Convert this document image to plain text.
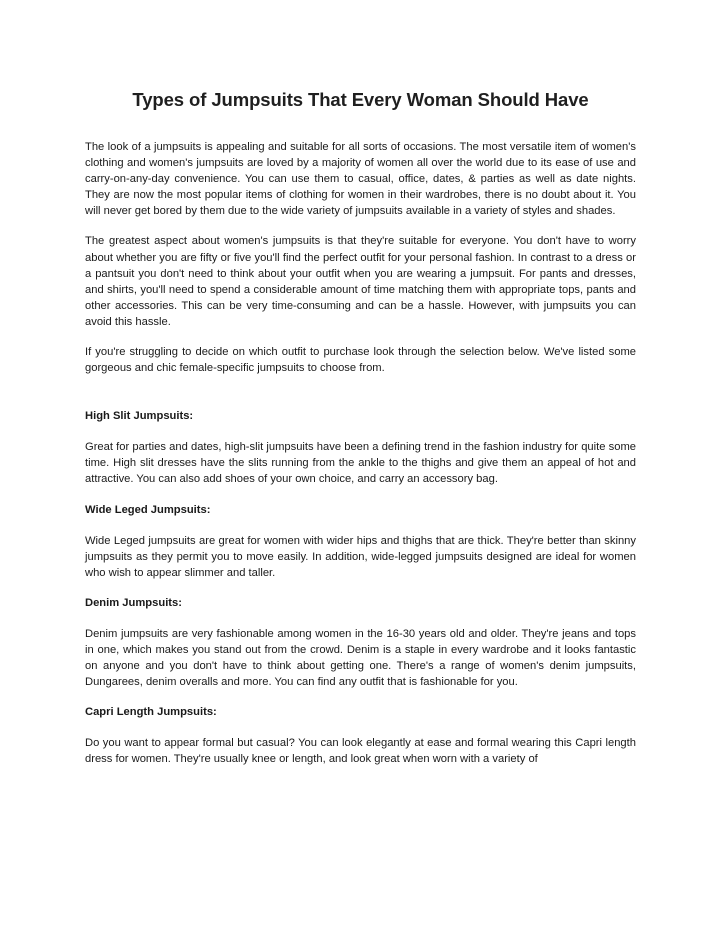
Types of Jumpsuits That Every Woman Should Have

The look of a jumpsuits is appealing and suitable for all sorts of occasions. The most versatile item of women's clothing and women's jumpsuits are loved by a majority of women all over the world due to its ease of use and carry-on-any-day convenience. You can use them to casual, office, dates, & parties as well as date nights. They are now the most popular items of clothing for women in their wardrobes, there is no doubt about it. You will never get bored by them due to the wide variety of jumpsuits available in a variety of styles and shades.

The greatest aspect about women's jumpsuits is that they're suitable for everyone. You don't have to worry about whether you are fifty or five you'll find the perfect outfit for your personal fashion. In contrast to a dress or a pantsuit you don't need to think about your outfit when you are wearing a jumpsuit. For pants and dresses, and shirts, you'll need to spend a considerable amount of time matching them with appropriate tops, pants and other accessories. This can be very time-consuming and can be a hassle. However, with jumpsuits you can avoid this hassle.

If you're struggling to decide on which outfit to purchase look through the selection below. We've listed some gorgeous and chic female-specific jumpsuits to choose from.

High Slit Jumpsuits:

Great for parties and dates, high-slit jumpsuits have been a defining trend in the fashion industry for quite some time. High slit dresses have the slits running from the ankle to the thighs and give them an appeal of hot and attractive. You can also add shoes of your own choice, and carry an accessory bag.

Wide Leged Jumpsuits:

Wide Leged jumpsuits are great for women with wider hips and thighs that are thick. They're better than skinny jumpsuits as they permit you to move easily. In addition, wide-legged jumpsuits designed are ideal for women who wish to appear slimmer and taller.

Denim Jumpsuits:

Denim jumpsuits are very fashionable among women in the 16-30 years old and older. They're jeans and tops in one, which makes you stand out from the crowd. Denim is a staple in every wardrobe and it looks fantastic on anyone and you don't have to think about getting one. There's a range of women's denim jumpsuits, Dungarees, denim overalls and more. You can find any outfit that is fashionable for you.

Capri Length Jumpsuits:

Do you want to appear formal but casual? You can look elegantly at ease and formal wearing this Capri length dress for women. They're usually knee or length, and look great when worn with a variety of
